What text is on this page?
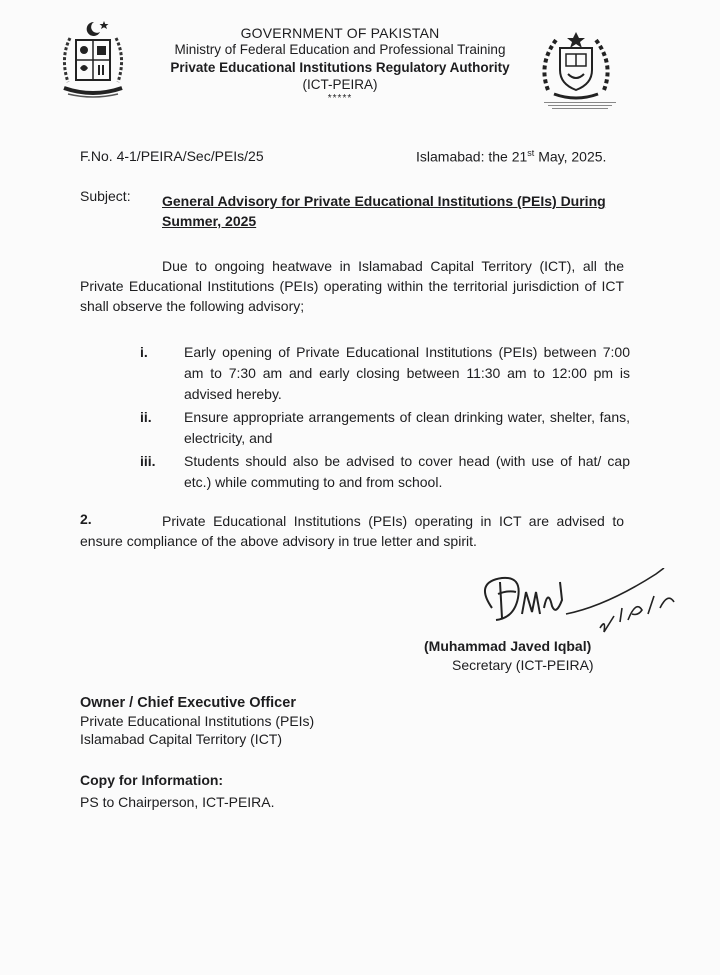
GOVERNMENT OF PAKISTAN
Ministry of Federal Education and Professional Training
Private Educational Institutions Regulatory Authority
(ICT-PEIRA)
*****
F.No. 4-1/PEIRA/Sec/PEIs/25	Islamabad: the 21st May, 2025.
Subject: General Advisory for Private Educational Institutions (PEIs) During Summer, 2025
Due to ongoing heatwave in Islamabad Capital Territory (ICT), all the Private Educational Institutions (PEIs) operating within the territorial jurisdiction of ICT shall observe the following advisory;
i.	Early opening of Private Educational Institutions (PEIs) between 7:00 am to 7:30 am and early closing between 11:30 am to 12:00 pm is advised hereby.
ii.	Ensure appropriate arrangements of clean drinking water, shelter, fans, electricity, and
iii.	Students should also be advised to cover head (with use of hat/ cap etc.) while commuting to and from school.
2.	Private Educational Institutions (PEIs) operating in ICT are advised to ensure compliance of the above advisory in true letter and spirit.
(Muhammad Javed Iqbal)
Secretary (ICT-PEIRA)
Owner / Chief Executive Officer
Private Educational Institutions (PEIs)
Islamabad Capital Territory (ICT)
Copy for Information:
PS to Chairperson, ICT-PEIRA.
